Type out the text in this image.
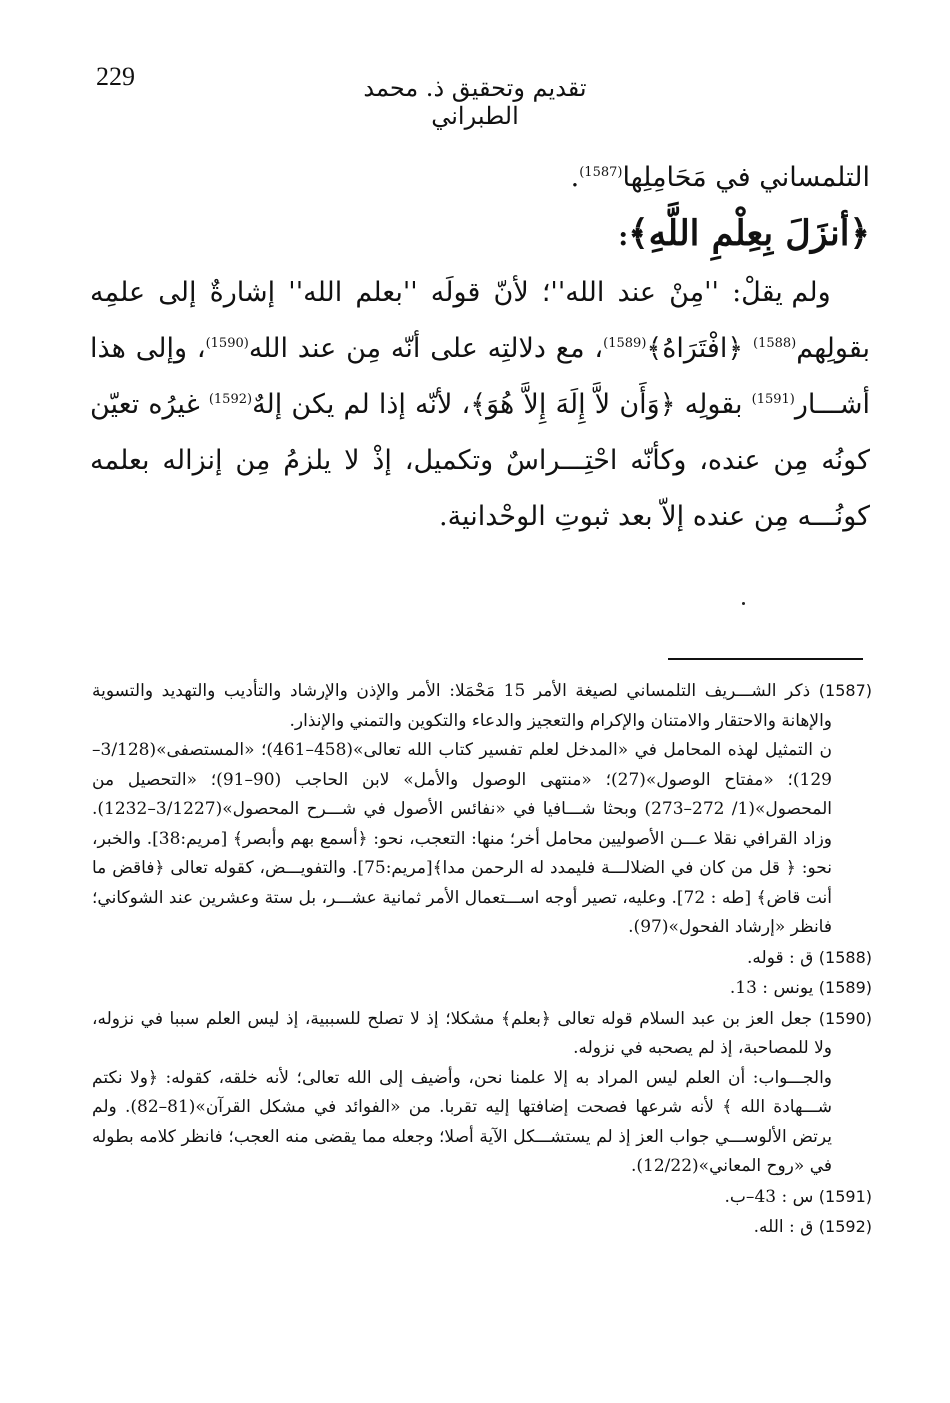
229	تقديم وتحقيق ذ. محمد الطبراني

التلمساني في مَحَامِلِها$^{(1587)}$.

﴿أنزَلَ بِعِلْمِ اللَّهِ﴾:

ولم يقلْ: ''مِنْ عند الله''؛ لأنّ قولَه ''بعلم الله'' إشارةٌ إلى علمِه بقولِهم$^{(1588)}$ ﴿افْتَرَاهُ﴾$^{(1589)}$، مع دلالتِه على أنّه مِن عند الله$^{(1590)}$، وإلى هذا أشـــار$^{(1591)}$ بقولِه ﴿وَأَن لاَّ إِلَهَ إِلاَّ هُوَ﴾، لأنّه إذا لم يكن إلهٌ$^{(1592)}$ غيرُه تعيّن كونُه مِن عنده، وكأنّه احْتِـــراسٌ وتكميل، إذْ لا يلزمُ مِن إنزاله بعلمه كونُـــه مِن عنده إلاّ بعد ثبوتِ الوحْدانية.

(1587) ذكر الشـــريف التلمساني لصيغة الأمر 15 مَحْمَلا: الأمر والإذن والإرشاد والتأديب والتهديد والتسوية والإهانة والاحتقار والامتنان والإكرام والتعجيز والدعاء والتكوين والتمني والإنذار.

ن التمثيل لهذه المحامل في «المدخل لعلم تفسير كتاب الله تعالى»(458–461)؛ «المستصفى»(3/128–129)؛ «مفتاح الوصول»(27)؛ «منتهى الوصول والأمل» لابن الحاجب (90–91)؛ «التحصيل من المحصول»(1/ 272–273) وبحثا شـــافيا في «نفائس الأصول في شـــرح المحصول»(3/1227–1232). وزاد القرافي نقلا عـــن الأصوليين محامل أخر؛ منها: التعجب، نحو: ﴿أسمع بهم وأبصر﴾ [مريم:38]. والخبر، نحو: ﴿ قل من كان في الضلالـــة فليمدد له الرحمن مدا﴾[مريم:75]. والتفويـــض، كقوله تعالى ﴿فاقض ما أنت قاض﴾ [طه : 72]. وعليه، تصير أوجه اســـتعمال الأمر ثمانية عشـــر، بل ستة وعشرين عند الشوكاني؛ فانظر «إرشاد الفحول»(97).

(1588) ق : قوله.

(1589) يونس : 13.

(1590) جعل العز بن عبد السلام قوله تعالى ﴿بعلم﴾ مشكلا؛ إذ لا تصلح للسببية، إذ ليس العلم سببا في نزوله، ولا للمصاحبة، إذ لم يصحبه في نزوله.

والجـــواب: أن العلم ليس المراد به إلا علمنا نحن، وأضيف إلى الله تعالى؛ لأنه خلقه، كقوله: ﴿ولا نكتم شـــهادة الله ﴾ لأنه شرعها فصحت إضافتها إليه تقربا. من «الفوائد في مشكل القرآن»(81–82). ولم يرتض الألوســـي جواب العز إذ لم يستشـــكل الآية أصلا؛ وجعله مما يقضى منه العجب؛ فانظر كلامه بطوله في «روح المعاني»(12/22).

(1591) س : 43–ب.

(1592) ق : الله.
